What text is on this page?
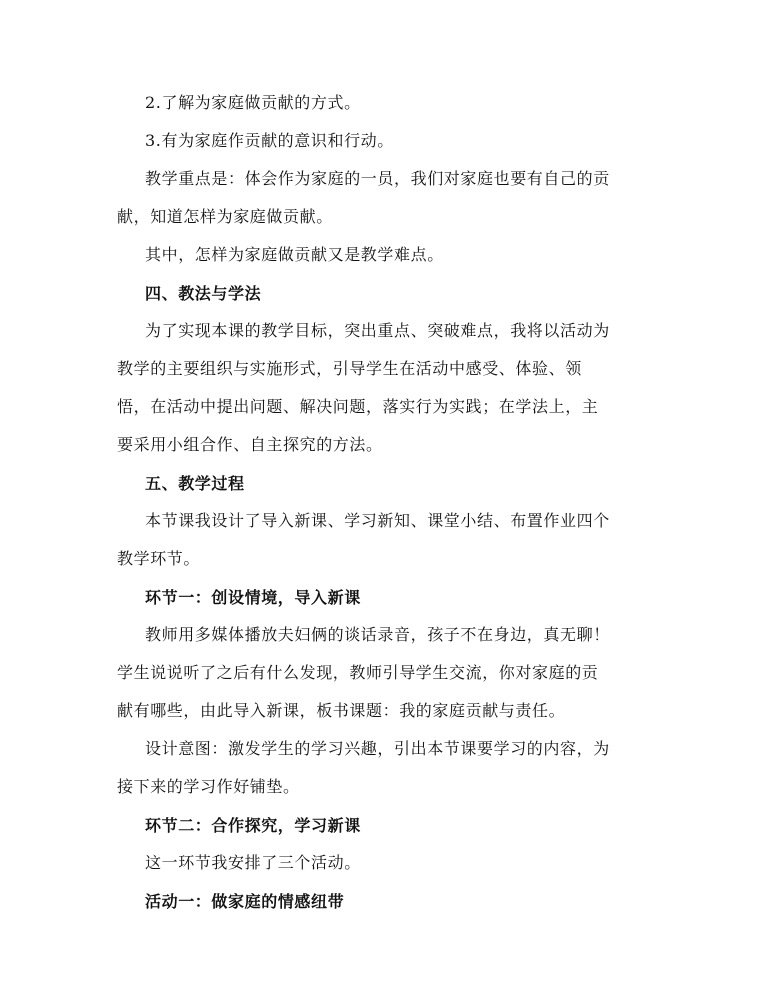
2.了解为家庭做贡献的方式。
3.有为家庭作贡献的意识和行动。
教学重点是：体会作为家庭的一员，我们对家庭也要有自己的贡
献，知道怎样为家庭做贡献。
其中，怎样为家庭做贡献又是教学难点。
四、教法与学法
为了实现本课的教学目标，突出重点、突破难点，我将以活动为
教学的主要组织与实施形式，引导学生在活动中感受、体验、领
悟，在活动中提出问题、解决问题，落实行为实践；在学法上，主
要采用小组合作、自主探究的方法。
五、教学过程
本节课我设计了导入新课、学习新知、课堂小结、布置作业四个
教学环节。
环节一：创设情境，导入新课
教师用多媒体播放夫妇俩的谈话录音，孩子不在身边，真无聊！
学生说说听了之后有什么发现，教师引导学生交流，你对家庭的贡
献有哪些，由此导入新课，板书课题：我的家庭贡献与责任。
设计意图：激发学生的学习兴趣，引出本节课要学习的内容，为
接下来的学习作好铺垫。
环节二：合作探究，学习新课
这一环节我安排了三个活动。
活动一：做家庭的情感纽带
